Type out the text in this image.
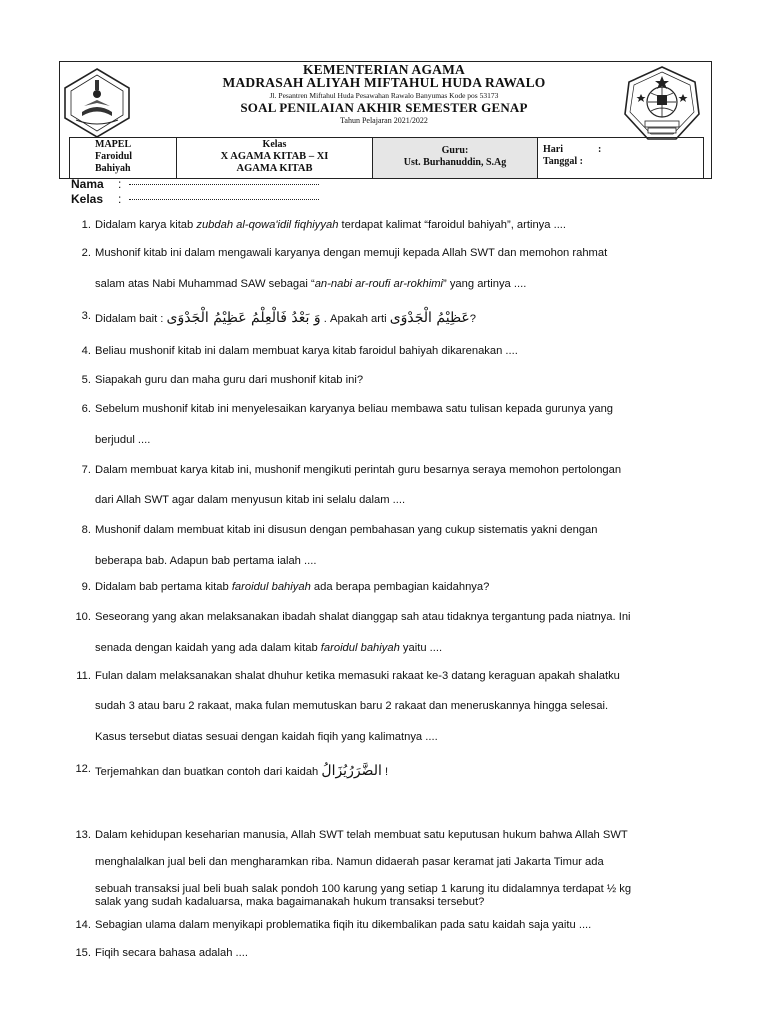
KEMENTERIAN AGAMA
MADRASAH ALIYAH MIFTAHUL HUDA RAWALO
Jl. Pesantren Miftahul Huda Pesawahan Rawalo Banyumas Kode pos 53173
SOAL PENILAIAN AKHIR SEMESTER GENAP
Tahun Pelajaran 2021/2022
MAPEL
Faroidul
Bahiyah
Kelas
X AGAMA KITAB – XI
AGAMA KITAB
Guru:
Ust. Burhanuddin, S.Ag
Hari	:
Tanggal :
Nama :
Kelas :
1. Didalam karya kitab zubdah al-qowa'idil fiqhiyyah terdapat kalimat “faroidul bahiyah”, artinya ....
2. Mushonif kitab ini dalam mengawali karyanya dengan memuji kepada Allah SWT dan memohon rahmat
salam atas Nabi Muhammad SAW sebagai “an-nabi ar-roufi ar-rokhimi” yang artinya ....
3. Didalam bait : وَ بَعْدُ فَالْعِلْمُ عَظِيْمُ الْجَدْوَى . Apakah arti عَظِيْمُ الْجَدْوَى?
4. Beliau mushonif kitab ini dalam membuat karya kitab faroidul bahiyah dikarenakan ....
5. Siapakah guru dan maha guru dari mushonif kitab ini?
6. Sebelum mushonif kitab ini menyelesaikan karyanya beliau membawa satu tulisan kepada gurunya yang
berjudul ....
7. Dalam membuat karya kitab ini, mushonif mengikuti perintah guru besarnya seraya memohon pertolongan
dari Allah SWT agar dalam menyusun kitab ini selalu dalam ....
8. Mushonif dalam membuat kitab ini disusun dengan pembahasan yang cukup sistematis yakni dengan
beberapa bab. Adapun bab pertama ialah ....
9. Didalam bab pertama kitab faroidul bahiyah ada berapa pembagian kaidahnya?
10. Seseorang yang akan melaksanakan ibadah shalat dianggap sah atau tidaknya tergantung pada niatnya. Ini
senada dengan kaidah yang ada dalam kitab faroidul bahiyah yaitu ....
11. Fulan dalam melaksanakan shalat dhuhur ketika memasuki rakaat ke-3 datang keraguan apakah shalatku
sudah 3 atau baru 2 rakaat, maka fulan memutuskan baru 2 rakaat dan meneruskannya hingga selesai.
Kasus tersebut diatas sesuai dengan kaidah fiqih yang kalimatnya ....
12. Terjemahkan dan buatkan contoh dari kaidah الضَّرَرُيُزَالُ !
13. Dalam kehidupan keseharian manusia, Allah SWT telah membuat satu keputusan hukum bahwa Allah SWT
menghalalkan jual beli dan mengharamkan riba. Namun didaerah pasar keramat jati Jakarta Timur ada
sebuah transaksi jual beli buah salak pondoh 100 karung yang setiap 1 karung itu didalamnya terdapat ½ kg
salak yang sudah kadaluarsa, maka bagaimanakah hukum transaksi tersebut?
14. Sebagian ulama dalam menyikapi problematika fiqih itu dikembalikan pada satu kaidah saja yaitu ....
15. Fiqih secara bahasa adalah ....
